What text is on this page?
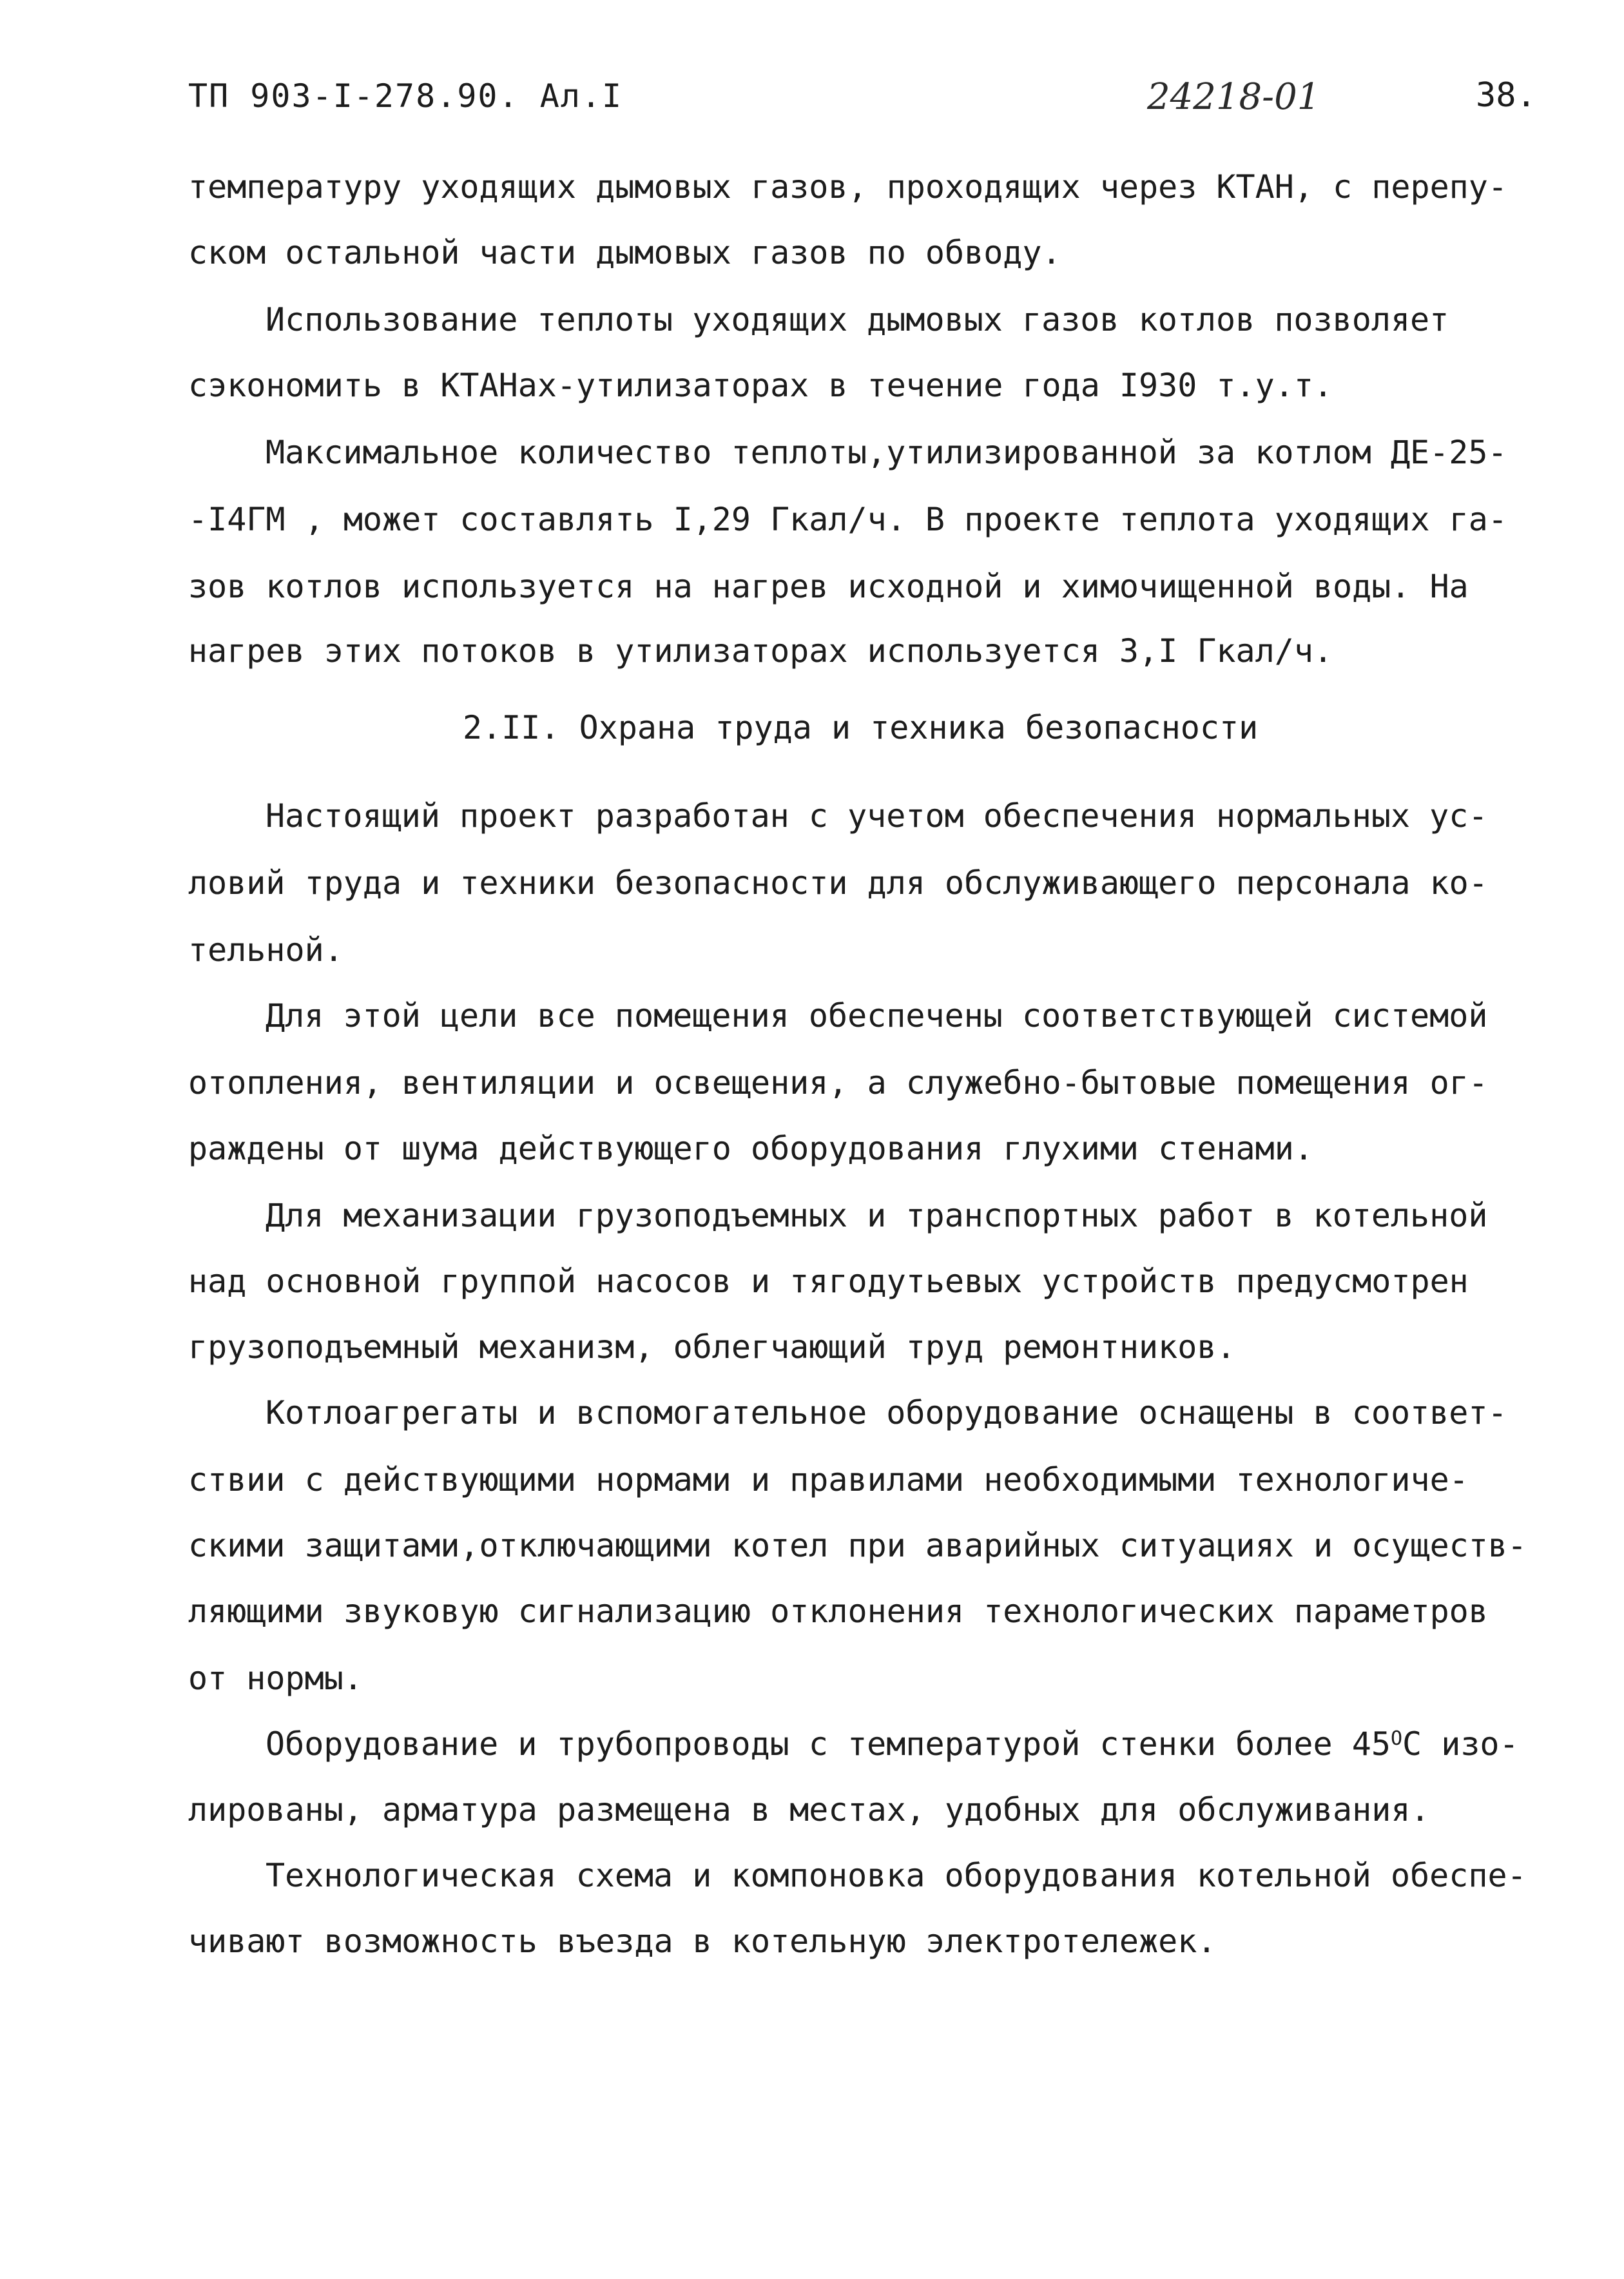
ТП 903-I-278.90. Ал.I	24218-01	38.
температуру уходящих дымовых газов, проходящих через КТАН, с перепу-
ском остальной части дымовых газов по обводу.
Использование теплоты уходящих дымовых газов котлов позволяет
сэкономить в КТАНах-утилизаторах в течение года I930 т.у.т.
Максимальное количество теплоты,утилизированной за котлом ДЕ-25-
-I4ГМ , может составлять I,29 Гкал/ч. В проекте теплота уходящих га-
зов котлов используется на нагрев исходной и химочищенной воды. На
нагрев этих потоков в утилизаторах используется 3,I Гкал/ч.
2.II. Охрана труда и техника безопасности
Настоящий проект разработан с учетом обеспечения нормальных ус-
ловий труда и техники безопасности для обслуживающего персонала ко-
тельной.
Для этой цели все помещения обеспечены соответствующей системой
отопления, вентиляции и освещения, а служебно-бытовые помещения ог-
раждены от шума действующего оборудования глухими стенами.
Для механизации грузоподъемных и транспортных работ в котельной
над основной группой насосов и тягодутьевых устройств предусмотрен
грузоподъемный механизм, облегчающий труд ремонтников.
Котлоагрегаты и вспомогательное оборудование оснащены в соответ-
ствии с действующими нормами и правилами необходимыми технологиче-
скими защитами,отключающими котел при аварийных ситуациях и осуществ-
ляющими звуковую сигнализацию отклонения технологических параметров
от нормы.
Оборудование и трубопроводы с температурой стенки более $45^ОС$ изо-
лированы, арматура размещена в местах, удобных для обслуживания.
Технологическая схема и компоновка оборудования котельной обеспе-
чивают возможность въезда в котельную электротележек.
